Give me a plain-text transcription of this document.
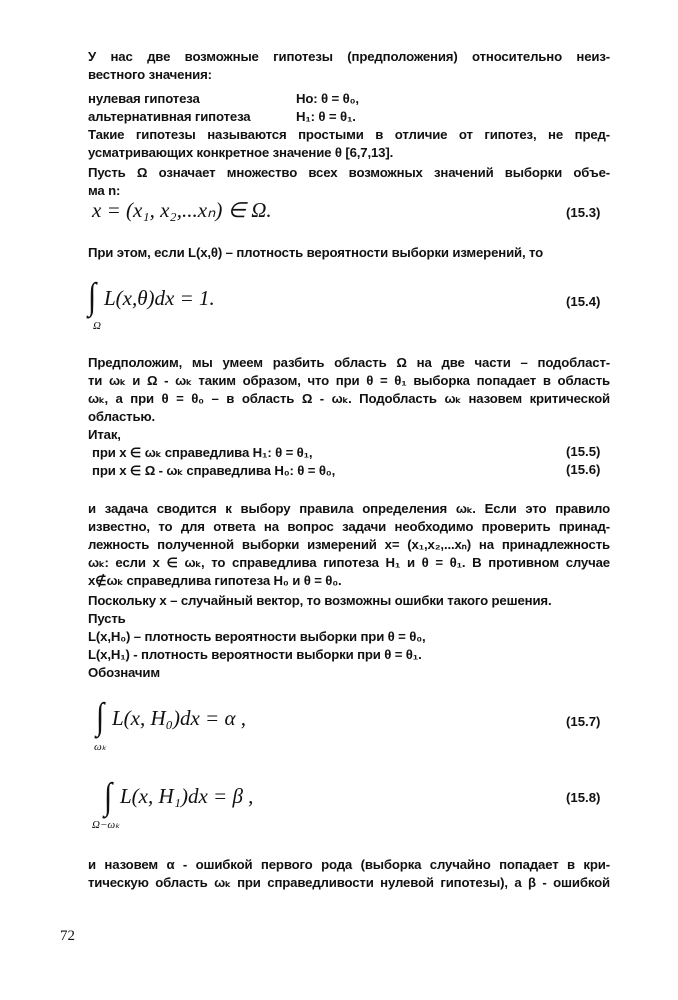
У нас две возможные гипотезы (предположения) относительно неиз-
вестного значения:
нулевая гипотеза	Ho: θ = θ₀,
альтернативная гипотеза	H₁: θ = θ₁.
Такие гипотезы называются простыми в отличие от гипотез, не пред-
усматривающих конкретное значение θ [6,7,13].
Пусть Ω означает множество всех возможных значений выборки объе-
ма n:
x = (x₁, x₂,...xₙ) ∈ Ω.	(15.3)
При этом, если L(x,θ) – плотность вероятности выборки измерений, то
∫ L(x,θ)dx = 1.
Ω
(15.4)
Предположим, мы умеем разбить область Ω на две части – подобласт-
ти ωₖ и Ω - ωₖ таким образом, что при θ = θ₁ выборка попадает в область
ωₖ, а при θ = θ₀ – в область Ω - ωₖ. Подобласть ωₖ назовем критической
областью.
Итак,
при x ∈ ωₖ справедлива H₁: θ = θ₁,	(15.5)
при x ∈ Ω - ωₖ справедлива H₀: θ = θ₀,	(15.6)
и задача сводится к выбору правила определения ωₖ. Если это правило
известно, то для ответа на вопрос задачи необходимо проверить принад-
лежность полученной выборки измерений x= (x₁,x₂,...xₙ) на принадлежность
ωₖ: если x ∈ ωₖ, то справедлива гипотеза H₁ и θ = θ₁. В противном случае
x∉ωₖ справедлива гипотеза H₀ и θ = θ₀.
Поскольку x – случайный вектор, то возможны ошибки такого решения.
Пусть
L(x,H₀) – плотность вероятности выборки при θ = θ₀,
L(x,H₁) - плотность вероятности выборки при θ = θ₁.
Обозначим
∫ L(x, H₀)dx = α ,
ωₖ
(15.7)
∫ L(x, H₁)dx = β ,
Ω−ωₖ
(15.8)
и назовем α - ошибкой первого рода (выборка случайно попадает в кри-
тическую область ωₖ при справедливости нулевой гипотезы), а β - ошибкой
72
